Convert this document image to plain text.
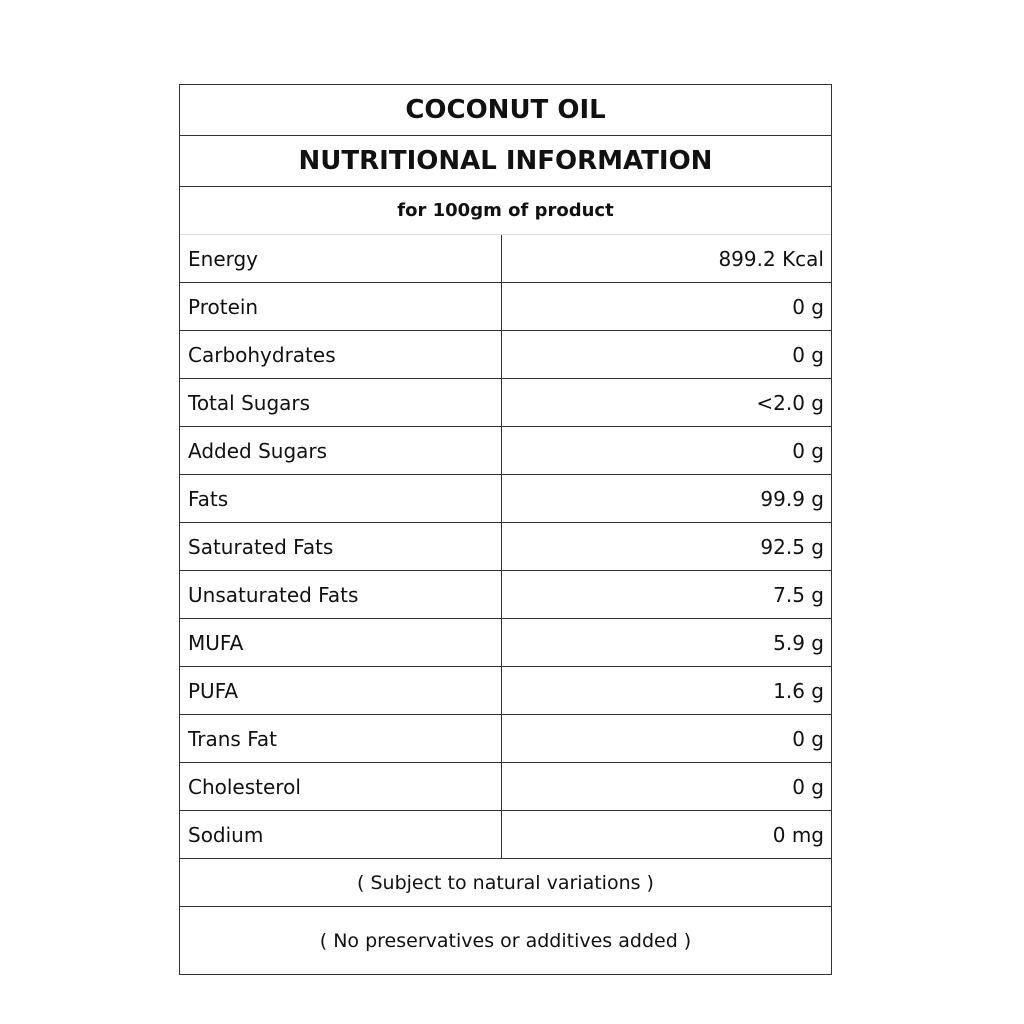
COCONUT OIL
NUTRITIONAL INFORMATION
for 100gm of product
Energy	899.2 Kcal
Protein	0 g
Carbohydrates	0 g
Total Sugars	<2.0 g
Added Sugars	0 g
Fats	99.9 g
Saturated Fats	92.5 g
Unsaturated Fats	7.5 g
MUFA	5.9 g
PUFA	1.6 g
Trans Fat	0 g
Cholesterol	0 g
Sodium	0 mg
( Subject to natural variations )
( No preservatives or additives added )
